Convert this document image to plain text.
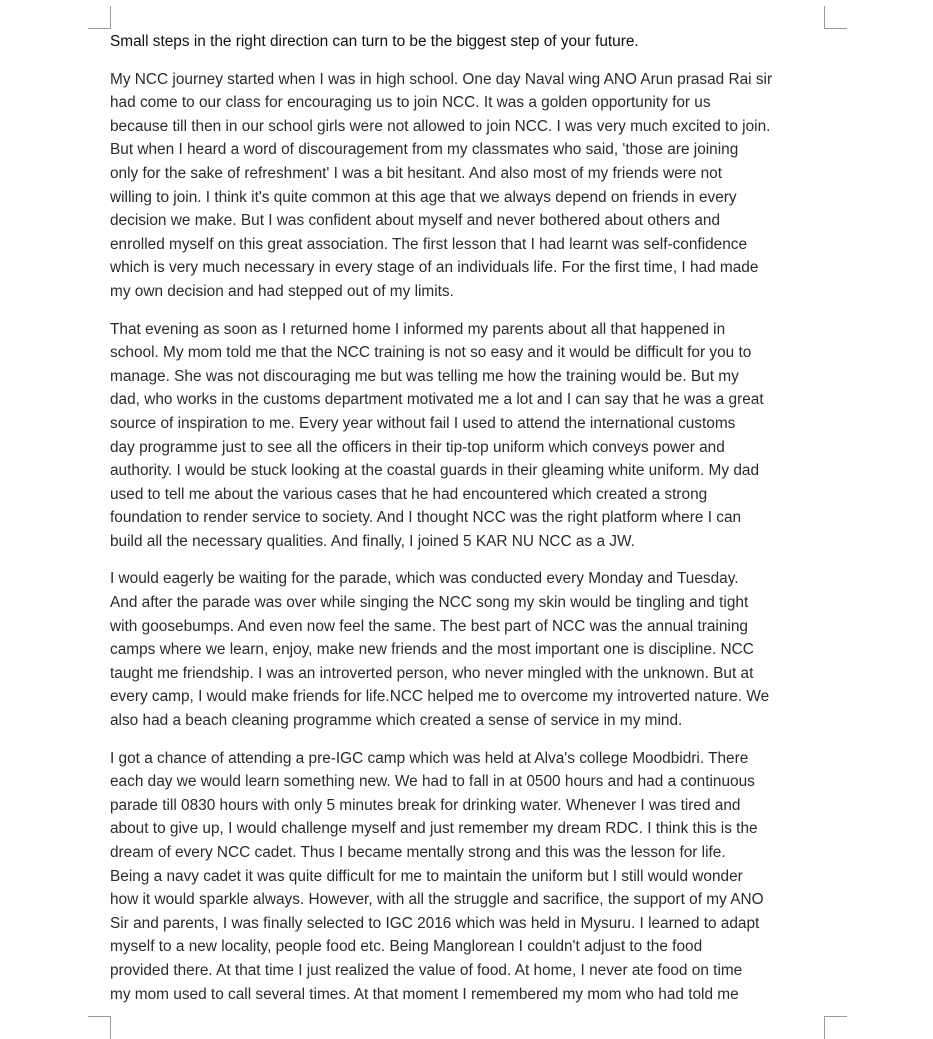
Small steps in the right direction can turn to be the biggest step of your future.
My NCC journey started when I was in high school. One day Naval wing ANO Arun prasad Rai sir
had come to our class for encouraging us to join NCC. It was a golden opportunity for us
because till then in our school girls were not allowed to join NCC. I was very much excited to join.
But when I heard a word of discouragement from my classmates who said, 'those are joining
only for the sake of refreshment' I was a bit hesitant. And also most of my friends were not
willing to join. I think it's quite common at this age that we always depend on friends in every
decision we make. But I was confident about myself and never bothered about others and
enrolled myself on this great association. The first lesson that I had learnt was self-confidence
which is very much necessary in every stage of an individuals life. For the first time, I had made
my own decision and had stepped out of my limits.
That evening as soon as I returned home I informed my parents about all that happened in
school. My mom told me that the NCC training is not so easy and it would be difficult for you to
manage. She was not discouraging me but was telling me how the training would be. But my
dad, who works in the customs department motivated me a lot and I can say that he was a great
source of inspiration to me. Every year without fail I used to attend the international customs
day programme just to see all the officers in their tip-top uniform which conveys power and
authority. I would be stuck looking at the coastal guards in their gleaming white uniform. My dad
used to tell me about the various cases that he had encountered which created a strong
foundation to render service to society. And I thought NCC was the right platform where I can
build all the necessary qualities. And finally, I joined 5 KAR NU NCC as a JW.
I would eagerly be waiting for the parade, which was conducted every Monday and Tuesday.
And after the parade was over while singing the NCC song my skin would be tingling and tight
with goosebumps. And even now feel the same. The best part of NCC was the annual training
camps where we learn, enjoy, make new friends and the most important one is discipline. NCC
taught me friendship. I was an introverted person, who never mingled with the unknown. But at
every camp, I would make friends for life.NCC helped me to overcome my introverted nature. We
also had a beach cleaning programme which created a sense of service in my mind.
I got a chance of attending a pre-IGC camp which was held at Alva's college Moodbidri. There
each day we would learn something new. We had to fall in at 0500 hours and had a continuous
parade till 0830 hours with only 5 minutes break for drinking water. Whenever I was tired and
about to give up, I would challenge myself and just remember my dream RDC. I think this is the
dream of every NCC cadet. Thus I became mentally strong and this was the lesson for life.
Being a navy cadet it was quite difficult for me to maintain the uniform but I still would wonder
how it would sparkle always. However, with all the struggle and sacrifice, the support of my ANO
Sir and parents, I was finally selected to IGC 2016 which was held in Mysuru. I learned to adapt
myself to a new locality, people food etc. Being Manglorean I couldn't adjust to the food
provided there. At that time I just realized the value of food. At home, I never ate food on time
my mom used to call several times. At that moment I remembered my mom who had told me
